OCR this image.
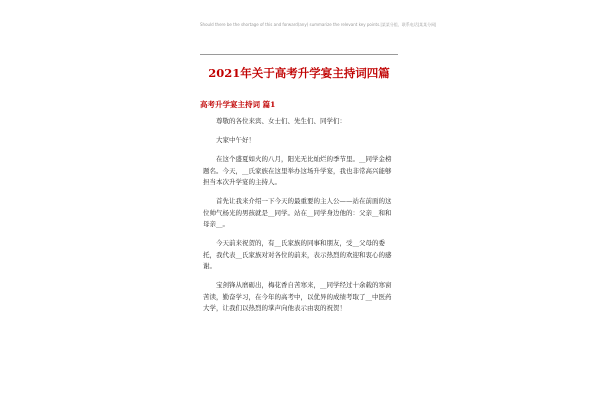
Should there be the shortage of this and forward(any) summarize the relevant key points.|某某分组，联系电话|某某分网|
2021年关于高考升学宴主持词四篇
高考升学宴主持词 篇1

尊敬的各位来宾、女士们、先生们、同学们：

大家中午好！

在这个盛夏如火的八月，阳光无比灿烂的季节里。__同学金榜题名。今天，__氏家族在这里举办这场升学宴，我也非常高兴能够担当本次升学宴的主持人。

首先让我来介绍一下今天的最重要的主人公——站在前面的这位帅气杨光的男孩就是__同学。站在__同学身边他的：父亲__和和母亲__。

今天前来祝贺的，有__氏家族的同事和朋友，受__父母的委托，我代表__氏家族对对各位的前来，表示热烈的欢迎和衷心的感谢。

宝剑锋从磨砺出，梅花香自苦寒来，__同学经过十余载的寒窗苦读，勤奋学习，在今年的高考中，以优异的成绩考取了__中医药大学，让我们以热烈的掌声向他表示由衷的祝贺！
